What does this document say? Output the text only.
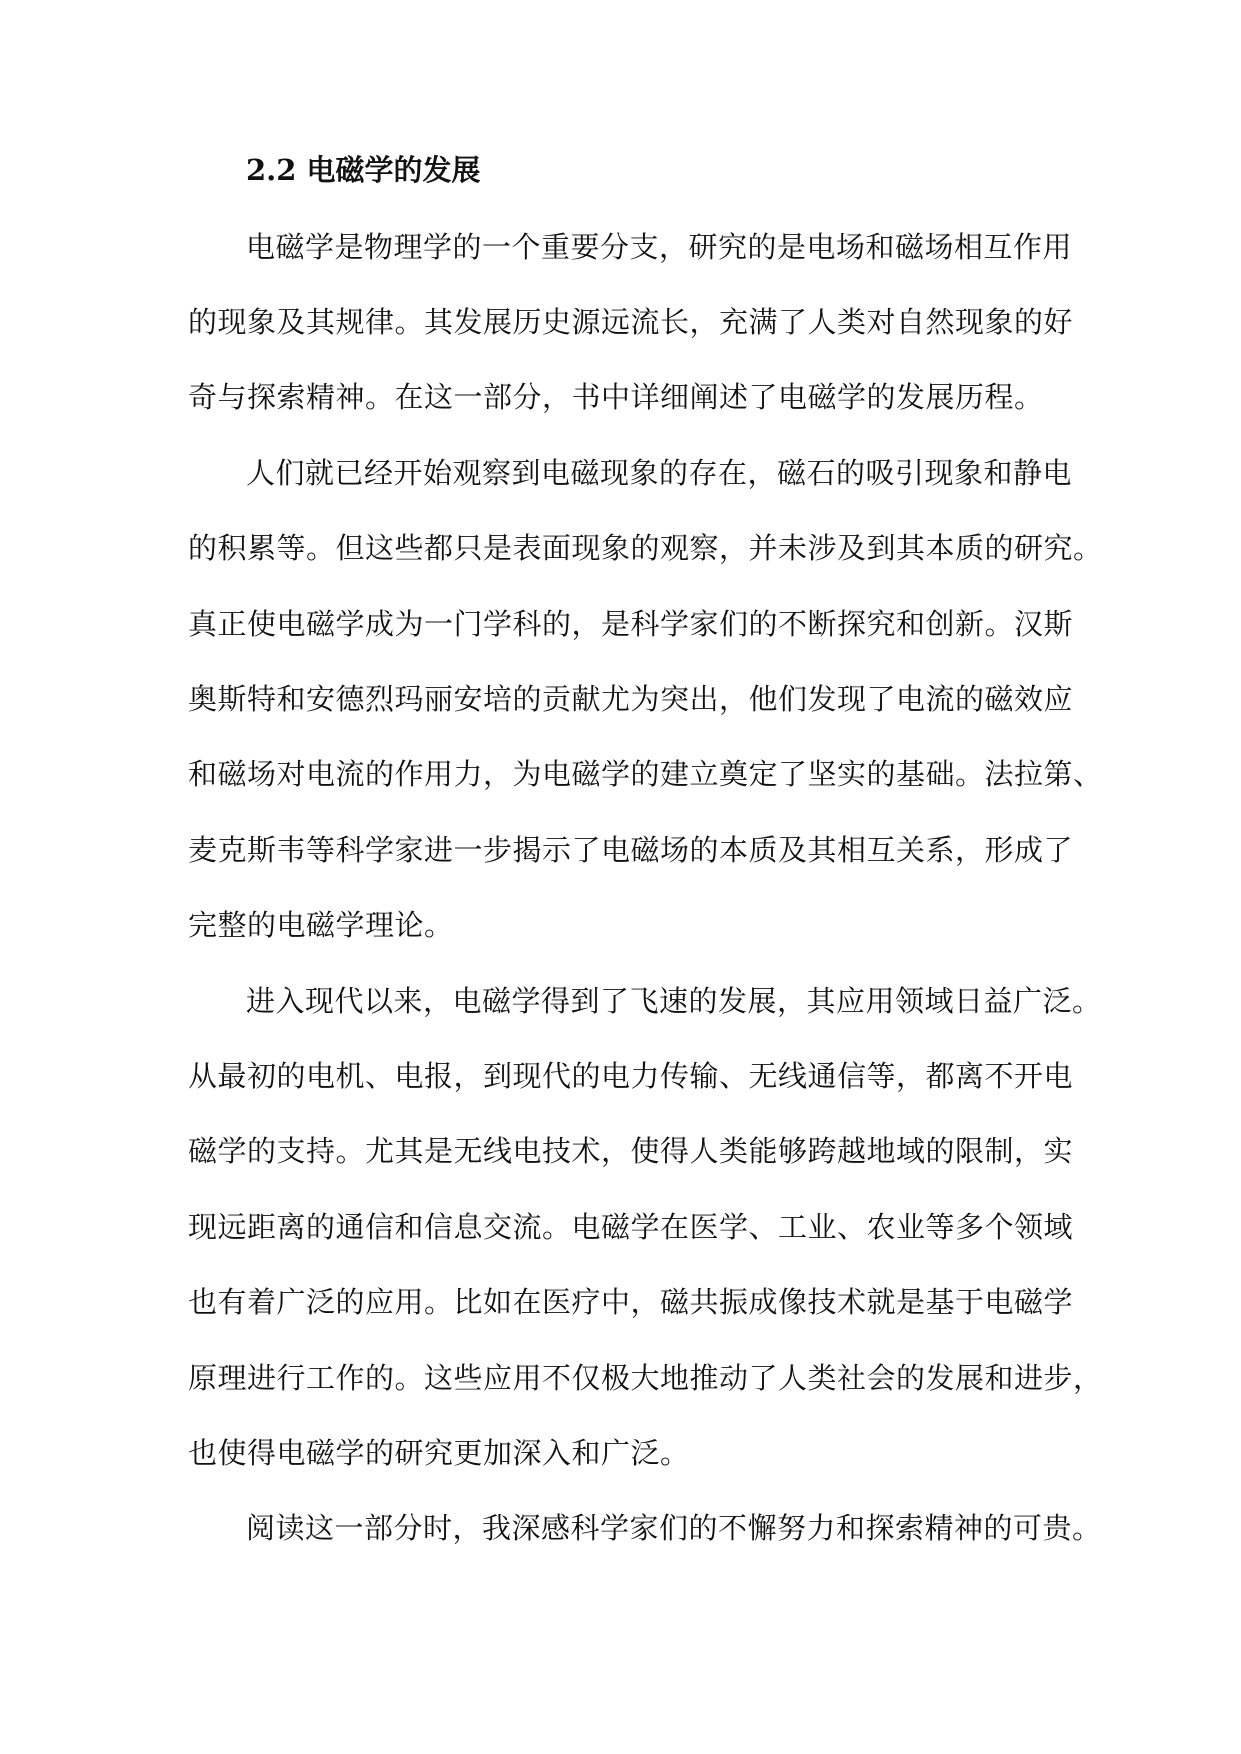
2.2 电磁学的发展
电磁学是物理学的一个重要分支，研究的是电场和磁场相互作用
的现象及其规律。其发展历史源远流长，充满了人类对自然现象的好
奇与探索精神。在这一部分，书中详细阐述了电磁学的发展历程。
人们就已经开始观察到电磁现象的存在，磁石的吸引现象和静电
的积累等。但这些都只是表面现象的观察，并未涉及到其本质的研究。
真正使电磁学成为一门学科的，是科学家们的不断探究和创新。汉斯
奥斯特和安德烈玛丽安培的贡献尤为突出，他们发现了电流的磁效应
和磁场对电流的作用力，为电磁学的建立奠定了坚实的基础。法拉第、
麦克斯韦等科学家进一步揭示了电磁场的本质及其相互关系，形成了
完整的电磁学理论。
进入现代以来，电磁学得到了飞速的发展，其应用领域日益广泛。
从最初的电机、电报，到现代的电力传输、无线通信等，都离不开电
磁学的支持。尤其是无线电技术，使得人类能够跨越地域的限制，实
现远距离的通信和信息交流。电磁学在医学、工业、农业等多个领域
也有着广泛的应用。比如在医疗中，磁共振成像技术就是基于电磁学
原理进行工作的。这些应用不仅极大地推动了人类社会的发展和进步，
也使得电磁学的研究更加深入和广泛。
阅读这一部分时，我深感科学家们的不懈努力和探索精神的可贵。
